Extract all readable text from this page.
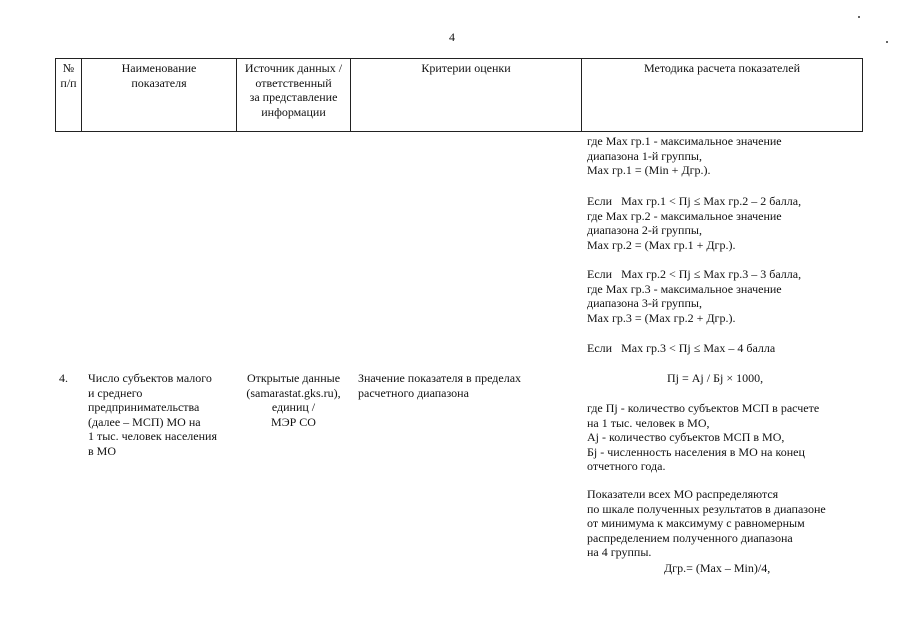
4
№
п/п
Наименование
показателя
Источник данных /
ответственный
за представление
информации
Критерии оценки	Методика расчета показателей
где Мах гр.1 - максимальное значение
диапазона 1-й группы,
Мах гр.1 = (Min + Дгр.).
Если   Мах гр.1 < Пj ≤ Мах гр.2 – 2 балла,
где Мах гр.2 - максимальное значение
диапазона 2-й группы,
Мах гр.2 = (Мах гр.1 + Дгр.).
Если   Мах гр.2 < Пj ≤ Мах гр.3 – 3 балла,
где Мах гр.3 - максимальное значение
диапазона 3-й группы,
Мах гр.3 = (Мах гр.2 + Дгр.).
Если   Мах гр.3 < Пj ≤ Мах – 4 балла
4. Число субъектов малого
и среднего
предпринимательства
(далее – МСП) МО на
1 тыс. человек населения
в МО
Открытые данные
(samarastat.gks.ru),
единиц /
МЭР СО
Значение показателя в пределах
расчетного диапазона
Пj = Аj / Бj × 1000,
где Пj - количество субъектов МСП в расчете
на 1 тыс. человек в МО,
Аj - количество субъектов МСП в МО,
Бj - численность населения в МО на конец
отчетного года.
Показатели всех МО распределяются
по шкале полученных результатов в диапазоне
от минимума к максимуму с равномерным
распределением полученного диапазона
на 4 группы.
Дгр.= (Мах – Min)/4,
